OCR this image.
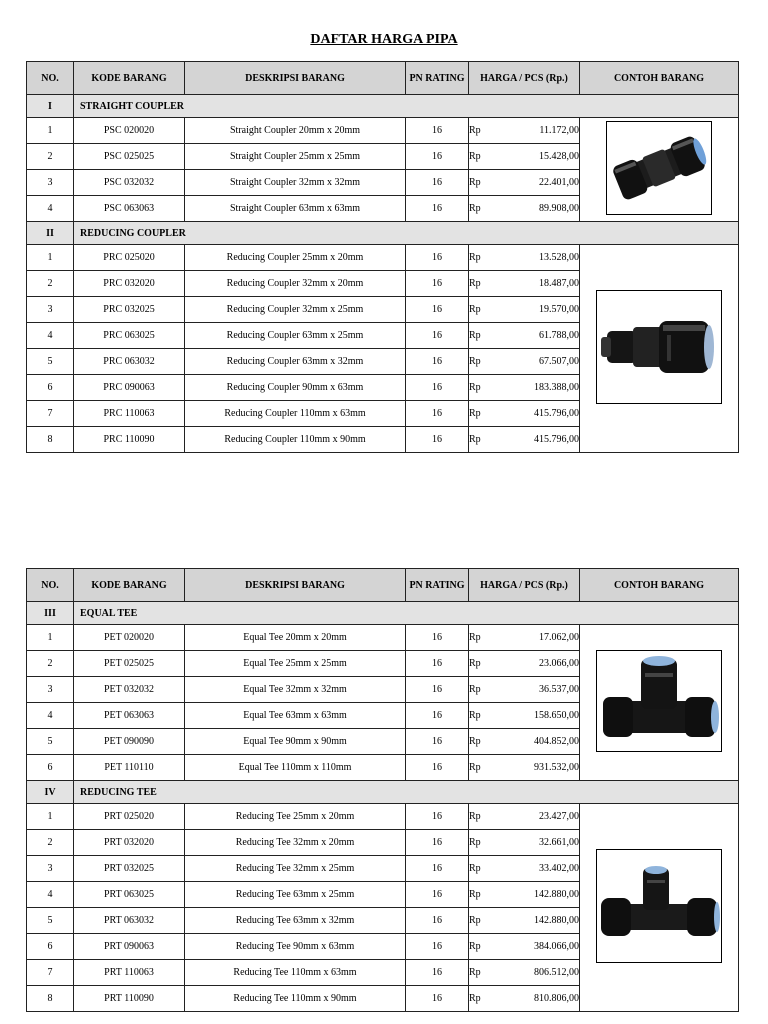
DAFTAR HARGA PIPA
NO.	KODE BARANG	DESKRIPSI BARANG	PN RATING	HARGA / PCS (Rp.)	CONTOH BARANG
I	STRAIGHT COUPLER				
1	PSC 020020	Straight Coupler 20mm x 20mm	16	Rp 11.172,00

2	PSC 025025	Straight Coupler 25mm x 25mm	16	Rp 15.428,00	

3	PSC 032032	Straight Coupler 32mm x 32mm	16	Rp 22.401,00	

4	PSC 063063	Straight Coupler 63mm x 63mm	16	Rp 89.908,00	

II	REDUCING COUPLER				
1	PRC 025020	Reducing Coupler 25mm x 20mm	16	Rp 13.528,00

2	PRC 032020	Reducing Coupler 32mm x 20mm	16	Rp 18.487,00	

3	PRC 032025	Reducing Coupler 32mm x 25mm	16	Rp 19.570,00	

4	PRC 063025	Reducing Coupler 63mm x 25mm	16	Rp 61.788,00	

5	PRC 063032	Reducing Coupler 63mm x 32mm	16	Rp 67.507,00	

6	PRC 090063	Reducing Coupler 90mm x 63mm	16	Rp 183.388,00	

7	PRC 110063	Reducing Coupler 110mm x 63mm	16	Rp 415.796,00	

8	PRC 110090	Reducing Coupler 110mm x 90mm	16	Rp 415.796,00	
NO.	KODE BARANG	DESKRIPSI BARANG	PN RATING	HARGA / PCS (Rp.)	CONTOH BARANG
III	EQUAL TEE				
1	PET 020020	Equal Tee 20mm x 20mm	16	Rp 17.062,00

2	PET 025025	Equal Tee 25mm x 25mm	16	Rp 23.066,00	

3	PET 032032	Equal Tee 32mm x 32mm	16	Rp 36.537,00	

4	PET 063063	Equal Tee 63mm x 63mm	16	Rp 158.650,00	

5	PET 090090	Equal Tee 90mm x 90mm	16	Rp 404.852,00	

6	PET 110110	Equal Tee 110mm x 110mm	16	Rp 931.532,00	

IV	REDUCING TEE				
1	PRT 025020	Reducing Tee 25mm x 20mm	16	Rp 23.427,00

2	PRT 032020	Reducing Tee 32mm x 20mm	16	Rp 32.661,00	

3	PRT 032025	Reducing Tee 32mm x 25mm	16	Rp 33.402,00	

4	PRT 063025	Reducing Tee 63mm x 25mm	16	Rp 142.880,00	

5	PRT 063032	Reducing Tee 63mm x 32mm	16	Rp 142.880,00	

6	PRT 090063	Reducing Tee 90mm x 63mm	16	Rp 384.066,00	

7	PRT 110063	Reducing Tee 110mm x 63mm	16	Rp 806.512,00	

8	PRT 110090	Reducing Tee 110mm x 90mm	16	Rp 810.806,00	
